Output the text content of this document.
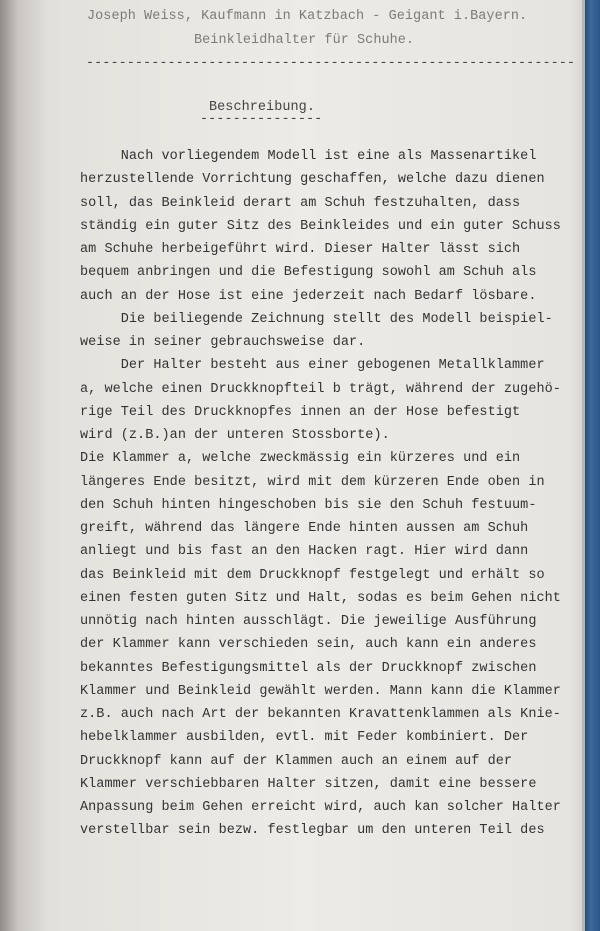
Joseph Weiss, Kaufmann in Katzbach - Geigant i.Bayern.
Beinkleidhalter für Schuhe.
------------------------------------------------------------
Beschreibung.
---------------
Nach vorliegendem Modell ist eine als Massenartikel
herzustellende Vorrichtung geschaffen, welche dazu dienen
soll, das Beinkleid derart am Schuh festzuhalten, dass
ständig ein guter Sitz des Beinkleides und ein guter Schuss
am Schuhe herbeigeführt wird. Dieser Halter lässt sich
bequem anbringen und die Befestigung sowohl am Schuh als
auch an der Hose ist eine jederzeit nach Bedarf lösbare.
Die beiliegende Zeichnung stellt des Modell beispiel-
weise in seiner gebrauchsweise dar.
Der Halter besteht aus einer gebogenen Metallklammer
a, welche einen Druckknopfteil b trägt, während der zugehö-
rige Teil des Druckknopfes innen an der Hose befestigt
wird (z.B.)an der unteren Stossborte).
Die Klammer a, welche zweckmässig ein kürzeres und ein
längeres Ende besitzt, wird mit dem kürzeren Ende oben in
den Schuh hinten hingeschoben bis sie den Schuh festuum-
greift, während das längere Ende hinten aussen am Schuh
anliegt und bis fast an den Hacken ragt. Hier wird dann
das Beinkleid mit dem Druckknopf festgelegt und erhält so
einen festen guten Sitz und Halt, sodas es beim Gehen nicht
unnötig nach hinten ausschlägt. Die jeweilige Ausführung
der Klammer kann verschieden sein, auch kann ein anderes
bekanntes Befestigungsmittel als der Druckknopf zwischen
Klammer und Beinkleid gewählt werden. Mann kann die Klammer
z.B. auch nach Art der bekannten Kravattenklammen als Knie-
hebelklammer ausbilden, evtl. mit Feder kombiniert. Der
Druckknopf kann auf der Klammen auch an einem auf der
Klammer verschiebbaren Halter sitzen, damit eine bessere
Anpassung beim Gehen erreicht wird, auch kan solcher Halter
verstellbar sein bezw. festlegbar um den unteren Teil des
